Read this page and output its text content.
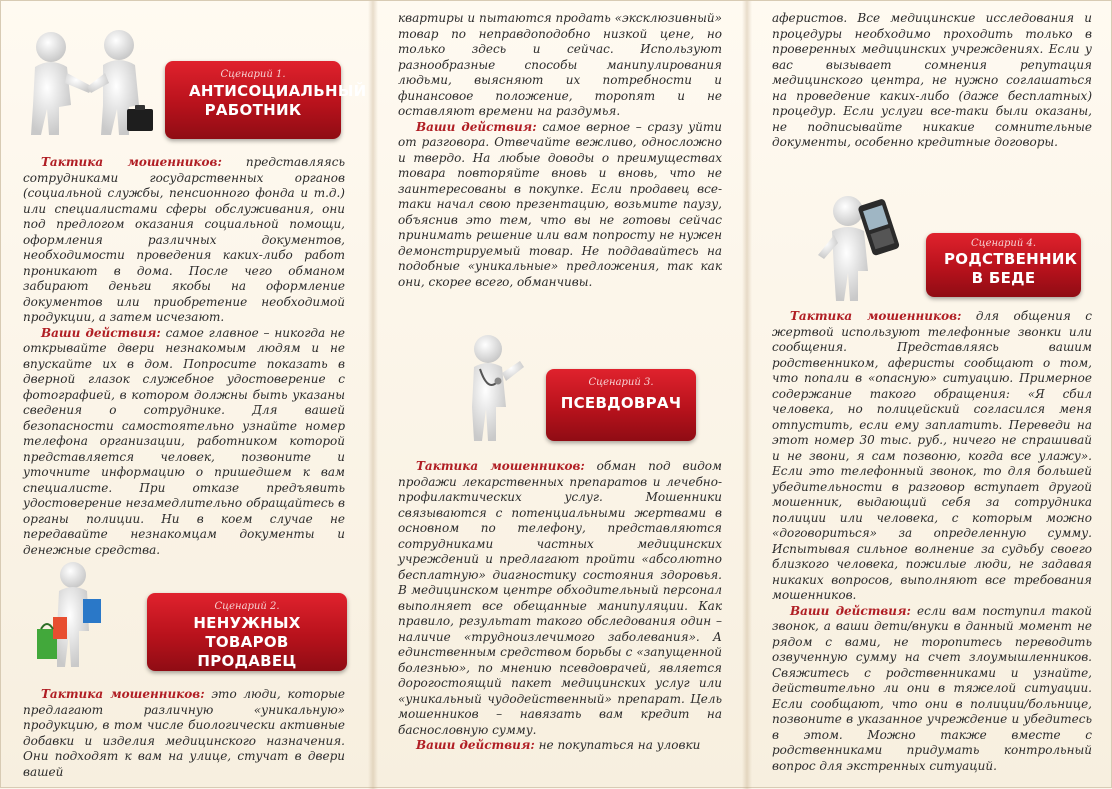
Сценарий 1.
АНТИСОЦИАЛЬНЫЙ РАБОТНИК

Тактика мошенников: представляясь сотрудниками государственных органов (социальной службы, пенсионного фонда и т.д.) или специалистами сферы обслуживания, они под предлогом оказания социальной помощи, оформления различных документов, необходимости проведения каких-либо работ проникают в дома. После чего обманом забирают деньги якобы на оформление документов или приобретение необходимой продукции, а затем исчезают.

Ваши действия: самое главное – никогда не открывайте двери незнакомым людям и не впускайте их в дом. Попросите показать в дверной глазок служебное удостоверение с фотографией, в котором должны быть указаны сведения о сотруднике. Для вашей безопасности самостоятельно узнайте номер телефона организации, работником которой представляется человек, позвоните и уточните информацию о пришедшем к вам специалисте. При отказе предъявить удостоверение незамедлительно обращайтесь в органы полиции. Ни в коем случае не передавайте незнакомцам документы и денежные средства.

Сценарий 2.
НЕНУЖНЫХ ТОВАРОВ ПРОДАВЕЦ

Тактика мошенников: это люди, которые предлагают различную «уникальную» продукцию, в том числе биологически активные добавки и изделия медицинского назначения. Они подходят к вам на улице, стучат в двери вашей

квартиры и пытаются продать «эксклюзивный» товар по неправдоподобно низкой цене, но только здесь и сейчас. Используют разнообразные способы манипулирования людьми, выясняют их потребности и финансовое положение, торопят и не оставляют времени на раздумья.

Ваши действия: самое верное – сразу уйти от разговора. Отвечайте вежливо, односложно и твердо. На любые доводы о преимуществах товара повторяйте вновь и вновь, что не заинтересованы в покупке. Если продавец все-таки начал свою презентацию, возьмите паузу, объяснив это тем, что вы не готовы сейчас принимать решение или вам попросту не нужен демонстрируемый товар. Не поддавайтесь на подобные «уникальные» предложения, так как они, скорее всего, обманчивы.

Сценарий 3.
ПСЕВДОВРАЧ

Тактика мошенников: обман под видом продажи лекарственных препаратов и лечебно-профилактических услуг. Мошенники связываются с потенциальными жертвами в основном по телефону, представляются сотрудниками частных медицинских учреждений и предлагают пройти «абсолютно бесплатную» диагностику состояния здоровья. В медицинском центре обходительный персонал выполняет все обещанные манипуляции. Как правило, результат такого обследования один – наличие «трудноизлечимого заболевания». А единственным средством борьбы с «запущенной болезнью», по мнению псевдоврачей, является дорогостоящий пакет медицинских услуг или «уникальный чудодейственный» препарат. Цель мошенников – навязать вам кредит на баснословную сумму.

Ваши действия: не покупаться на уловки

аферистов. Все медицинские исследования и процедуры необходимо проходить только в проверенных медицинских учреждениях. Если у вас вызывает сомнения репутация медицинского центра, не нужно соглашаться на проведение каких-либо (даже бесплатных) процедур. Если услуги все-таки были оказаны, не подписывайте никакие сомнительные документы, особенно кредитные договоры.

Сценарий 4.
РОДСТВЕННИК В БЕДЕ

Тактика мошенников: для общения с жертвой используют телефонные звонки или сообщения. Представляясь вашим родственником, аферисты сообщают о том, что попали в «опасную» ситуацию. Примерное содержание такого обращения: «Я сбил человека, но полицейский согласился меня отпустить, если ему заплатить. Переведи на этот номер 30 тыс. руб., ничего не спрашивай и не звони, я сам позвоню, когда все улажу». Если это телефонный звонок, то для большей убедительности в разговор вступает другой мошенник, выдающий себя за сотрудника полиции или человека, с которым можно «договориться» за определенную сумму. Испытывая сильное волнение за судьбу своего близкого человека, пожилые люди, не задавая никаких вопросов, выполняют все требования мошенников.

Ваши действия: если вам поступил такой звонок, а ваши дети/внуки в данный момент не рядом с вами, не торопитесь переводить озвученную сумму на счет злоумышленников. Свяжитесь с родственниками и узнайте, действительно ли они в тяжелой ситуации. Если сообщают, что они в полиции/больнице, позвоните в указанное учреждение и убедитесь в этом. Можно также вместе с родственниками придумать контрольный вопрос для экстренных ситуаций.
